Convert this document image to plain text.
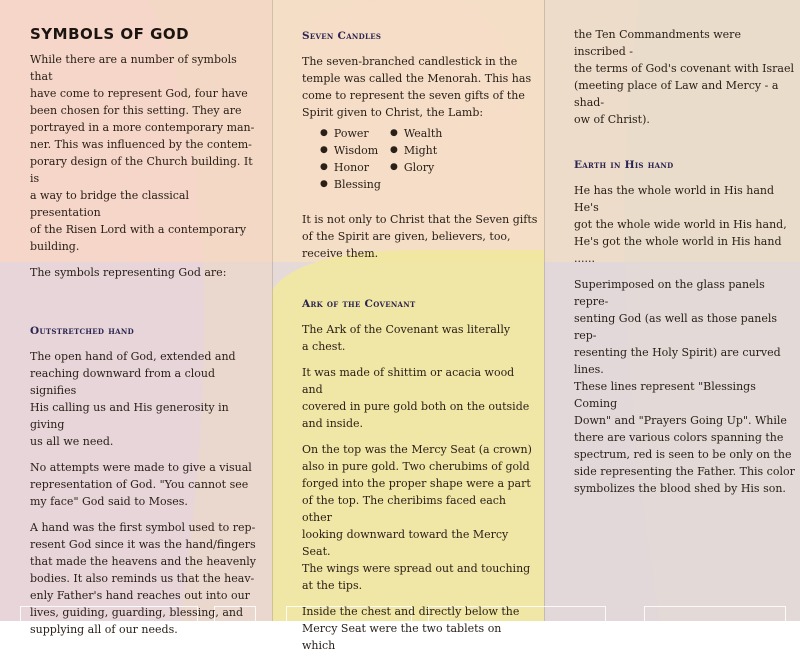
SYMBOLS OF GOD

While there are a number of symbols that
have come to represent God, four have
been chosen for this setting. They are
portrayed in a more contemporary man-
ner. This was influenced by the contem-
porary design of the Church building. It is
a way to bridge the classical presentation
of the Risen Lord with a contemporary
building.

The symbols representing God are:

Outstretched hand

The open hand of God, extended and
reaching downward from a cloud signifies
His calling us and His generosity in giving
us all we need.

No attempts were made to give a visual
representation of God. "You cannot see
my face" God said to Moses.

A hand was the first symbol used to rep-
resent God since it was the hand/fingers
that made the heavens and the heavenly
bodies. It also reminds us that the heav-
enly Father's hand reaches out into our
lives, guiding, guarding, blessing, and
supplying all of our needs.

Seven Candles

The seven-branched candlestick in the
temple was called the Menorah. This has
come to represent the seven gifts of the
Spirit given to Christ, the Lamb:

● Power
● Wisdom
● Honor
● Blessing
● Wealth
● Might
● Glory

It is not only to Christ that the Seven gifts
of the Spirit are given, believers, too,
receive them.

Ark of the Covenant

The Ark of the Covenant was literally
a chest.

It was made of shittim or acacia wood and
covered in pure gold both on the outside
and inside.

On the top was the Mercy Seat (a crown)
also in pure gold. Two cherubims of gold
forged into the proper shape were a part
of the top. The cheribims faced each other
looking downward toward the Mercy Seat.
The wings were spread out and touching
at the tips.

Inside the chest and directly below the
Mercy Seat were the two tablets on which

the Ten Commandments were inscribed -
the terms of God's covenant with Israel
(meeting place of Law and Mercy - a shad-
ow of Christ).

Earth in His hand

He has the whole world in His hand He's
got the whole wide world in His hand,
He's got the whole world in His hand ......

Superimposed on the glass panels repre-
senting God (as well as those panels rep-
resenting the Holy Spirit) are curved lines.
These lines represent "Blessings Coming
Down" and "Prayers Going Up". While
there are various colors spanning the
spectrum, red is seen to be only on the
side representing the Father. This color
symbolizes the blood shed by His son.
